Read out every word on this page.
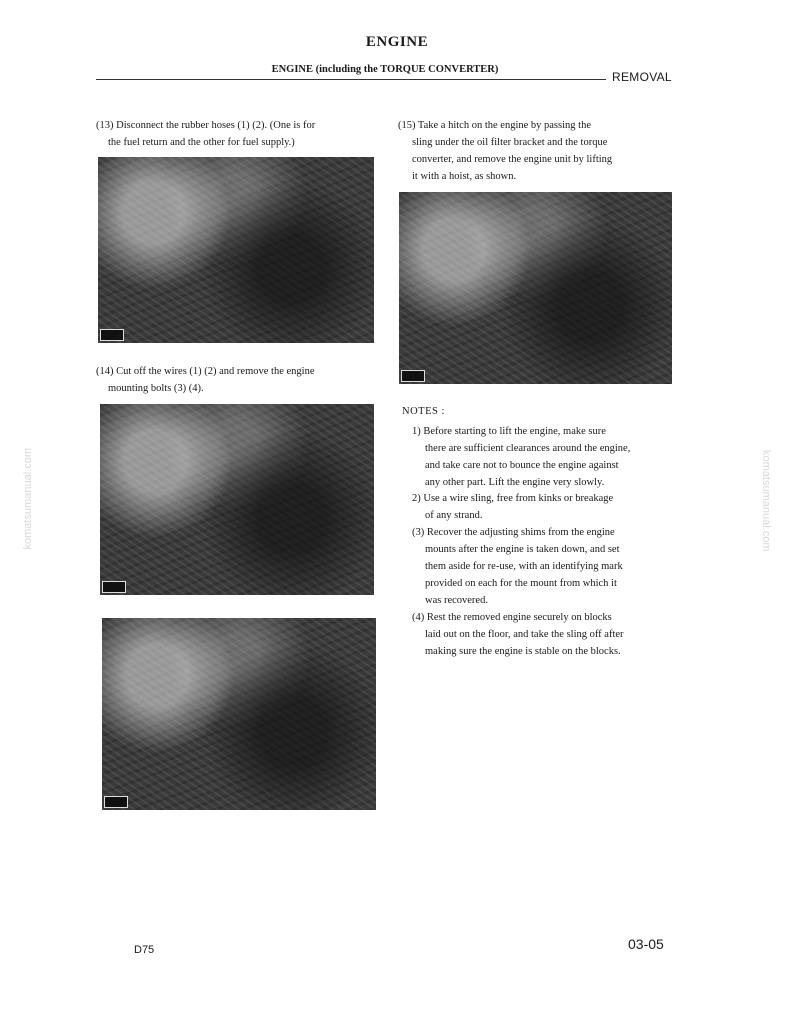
ENGINE
ENGINE (including the TORQUE CONVERTER)
REMOVAL
(13) Disconnect the rubber hoses (1) (2). (One is for
the fuel return and the other for fuel supply.)
(14) Cut off the wires (1) (2) and remove the engine
mounting bolts (3) (4).
(15) Take a hitch on the engine by passing the
sling under the oil filter bracket and the torque
converter, and remove the engine unit by lifting
it with a hoist, as shown.
NOTES :
1) Before starting to lift the engine, make sure
there are sufficient clearances around the engine,
and take care not to bounce the engine against
any other part. Lift the engine very slowly.
2) Use a wire sling, free from kinks or breakage
of any strand.
(3) Recover the adjusting shims from the engine
mounts after the engine is taken down, and set
them aside for re-use, with an identifying mark
provided on each for the mount from which it
was recovered.
(4) Rest the removed engine securely on blocks
laid out on the floor, and take the sling off after
making sure the engine is stable on the blocks.
komatsumanual.com	komatsumanual.com
D75	03-05
